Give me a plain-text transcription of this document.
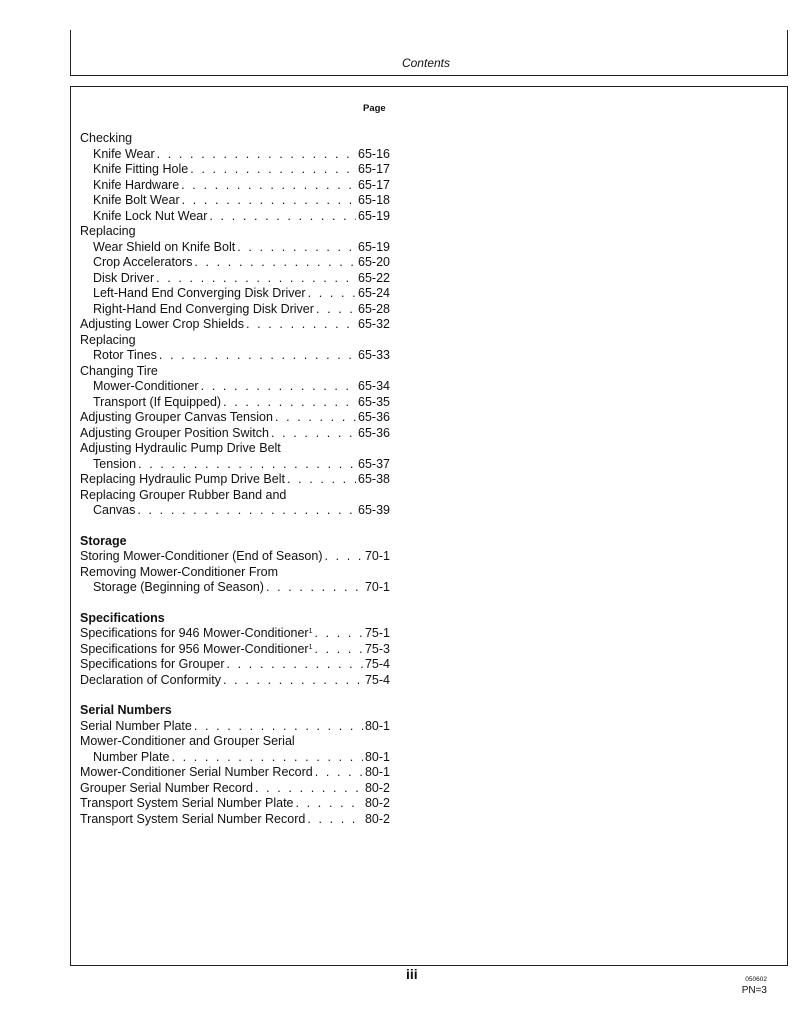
Contents
Page
Checking
Knife Wear . . .	65-16
Knife Fitting Hole . . .	65-17
Knife Hardware . . .	65-17
Knife Bolt Wear . . .	65-18
Knife Lock Nut Wear . . .	65-19
Replacing
Wear Shield on Knife Bolt . . .	65-19
Crop Accelerators . . .	65-20
Disk Driver . . .	65-22
Left-Hand End Converging Disk Driver . . .	65-24
Right-Hand End Converging Disk Driver . . .	65-28
Adjusting Lower Crop Shields . . .	65-32
Replacing
Rotor Tines . . .	65-33
Changing Tire
Mower-Conditioner . . .	65-34
Transport (If Equipped) . . .	65-35
Adjusting Grouper Canvas Tension . . .	65-36
Adjusting Grouper Position Switch . . .	65-36
Adjusting Hydraulic Pump Drive Belt
Tension . . .	65-37
Replacing Hydraulic Pump Drive Belt . . .	65-38
Replacing Grouper Rubber Band and
Canvas . . .	65-39
Storage
Storing Mower-Conditioner (End of Season) . . .	70-1
Removing Mower-Conditioner From
Storage (Beginning of Season) . . .	70-1
Specifications
Specifications for 946 Mower-Conditioner$^1$ . . .	75-1
Specifications for 956 Mower-Conditioner$^1$ . . .	75-3
Specifications for Grouper . . .	75-4
Declaration of Conformity . . .	75-4
Serial Numbers
Serial Number Plate . . .	80-1
Mower-Conditioner and Grouper Serial
Number Plate . . .	80-1
Mower-Conditioner Serial Number Record . . .	80-1
Grouper Serial Number Record . . .	80-2
Transport System Serial Number Plate . . .	80-2
Transport System Serial Number Record . . .	80-2
iii	050602
PN=3
